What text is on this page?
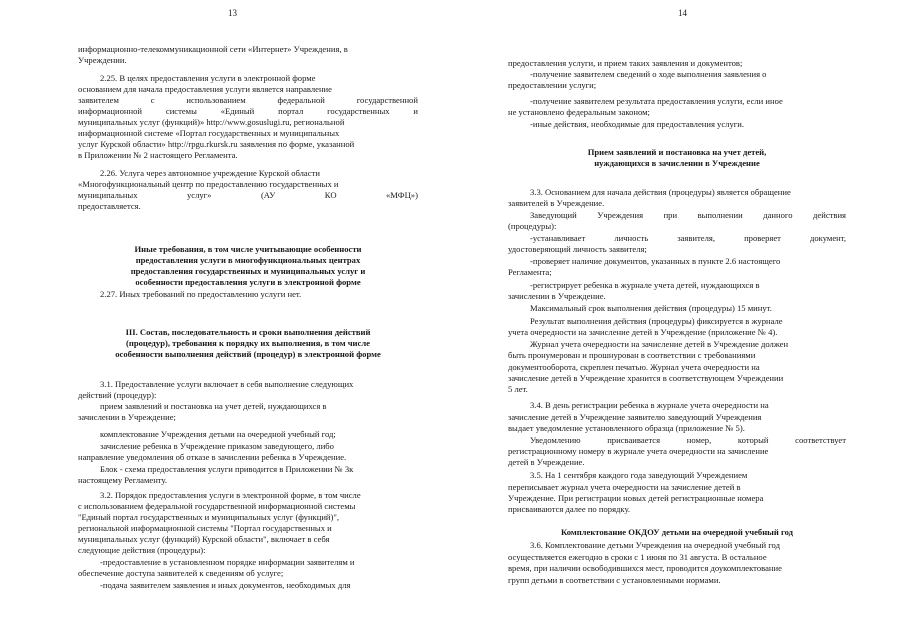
13
информационно-телекоммуникационной сети «Интернет» Учреждения, в
Учреждении.
2.25. В целях предоставления услуги в электронной форме
основанием для начала предоставления услуги является направление
заявителем	с	использованием	федеральной	государственной
информационной	системы	«Единый	портал	государственных	и
муниципальных услуг (функций)» http://www.gosuslugi.ru, региональной
информационной системе «Портал государственных и муниципальных
услуг Курской области» http://rpgu.rkursk.ru заявления по форме, указанной
в Приложении № 2 настоящего Регламента.
2.26. Услуга через автономное учреждение Курской области
«Многофункциональный центр по предоставлению государственных и
муниципальных	услуг»	(АУ	КО	«МФЦ»)
предоставляется.
Иные требования, в том числе учитывающие особенности
предоставления услуги в многофункциональных центрах
предоставления государственных и муниципальных услуг и
особенности предоставления услуги в электронной форме
2.27. Иных требований по предоставлению услуги нет.
III. Состав, последовательность и сроки выполнения действий
(процедур), требования к порядку их выполнения, в том числе
особенности выполнения действий (процедур) в электронной форме
3.1. Предоставление услуги включает в себя выполнение следующих
действий (процедур):
прием заявлений и постановка на учет детей, нуждающихся в
зачислении в Учреждение;
комплектование Учреждения детьми на очередной учебный год;
зачисление ребенка в Учреждение приказом заведующего, либо
направление уведомления об отказе в зачислении ребенка в Учреждение.
Блок - схема предоставления услуги приводится в Приложении № 3к
настоящему Регламенту.
3.2. Порядок предоставления услуги в электронной форме, в том числе
с использованием федеральной государственной информационной системы
"Единый портал государственных и муниципальных услуг (функций)",
региональной информационной системы "Портал государственных и
муниципальных услуг (функций) Курской области", включает в себя
следующие действия (процедуры):
-предоставление в установленном порядке информации заявителям и
обеспечение доступа заявителей к сведениям об услуге;
-подача заявителем заявления и иных документов, необходимых для
14
предоставления услуги, и прием таких заявления и документов;
-получение заявителем сведений о ходе выполнения заявления о
предоставлении услуги;
-получение заявителем результата предоставления услуги, если иное
не установлено федеральным законом;
-иные действия, необходимые для предоставления услуги.
Прием заявлений и постановка на учет детей,
нуждающихся в зачислении в Учреждение
3.3. Основанием для начала действия (процедуры) является обращение
заявителей в Учреждение.
Заведующий Учреждения при выполнении данного действия
(процедуры):
-устанавливает	личность	заявителя,	проверяет	документ,
удостоверяющий личность заявителя;
-проверяет наличие документов, указанных в пункте 2.6 настоящего
Регламента;
-регистрирует ребенка в журнале учета детей, нуждающихся в
зачислении в Учреждение.
Максимальный срок выполнения действия (процедуры) 15 минут.
Результат выполнения действия (процедуры) фиксируется в журнале
учета очередности на зачисление детей в Учреждение (приложение № 4).
Журнал учета очередности на зачисление детей в Учреждение должен
быть пронумерован и прошнурован в соответствии с требованиями
документооборота, скреплен печатью. Журнал учета очередности на
зачисление детей в Учреждение хранится в соответствующем Учреждении
5 лет.
3.4. В день регистрации ребенка в журнале учета очередности на
зачисление детей в Учреждение заявителю заведующий Учреждения
выдает уведомление установленного образца (приложение № 5).
Уведомлению	присваивается	номер,	который	соответствует
регистрационному номеру в журнале учета очередности на зачисление
детей в Учреждение.
3.5. На 1 сентября каждого года заведующий Учреждением
переписывает журнал учета очередности на зачисление детей в
Учреждение. При регистрации новых детей регистрационные номера
присваиваются далее по порядку.
Комплектование ОКДОУ детьми на очередной учебный год
3.6. Комплектование детьми Учреждения на очередной учебный год
осуществляется ежегодно в сроки с 1 июня по 31 августа. В остальное
время, при наличии освободившихся мест, проводится доукомплектование
групп детьми в соответствии с установленными нормами.
